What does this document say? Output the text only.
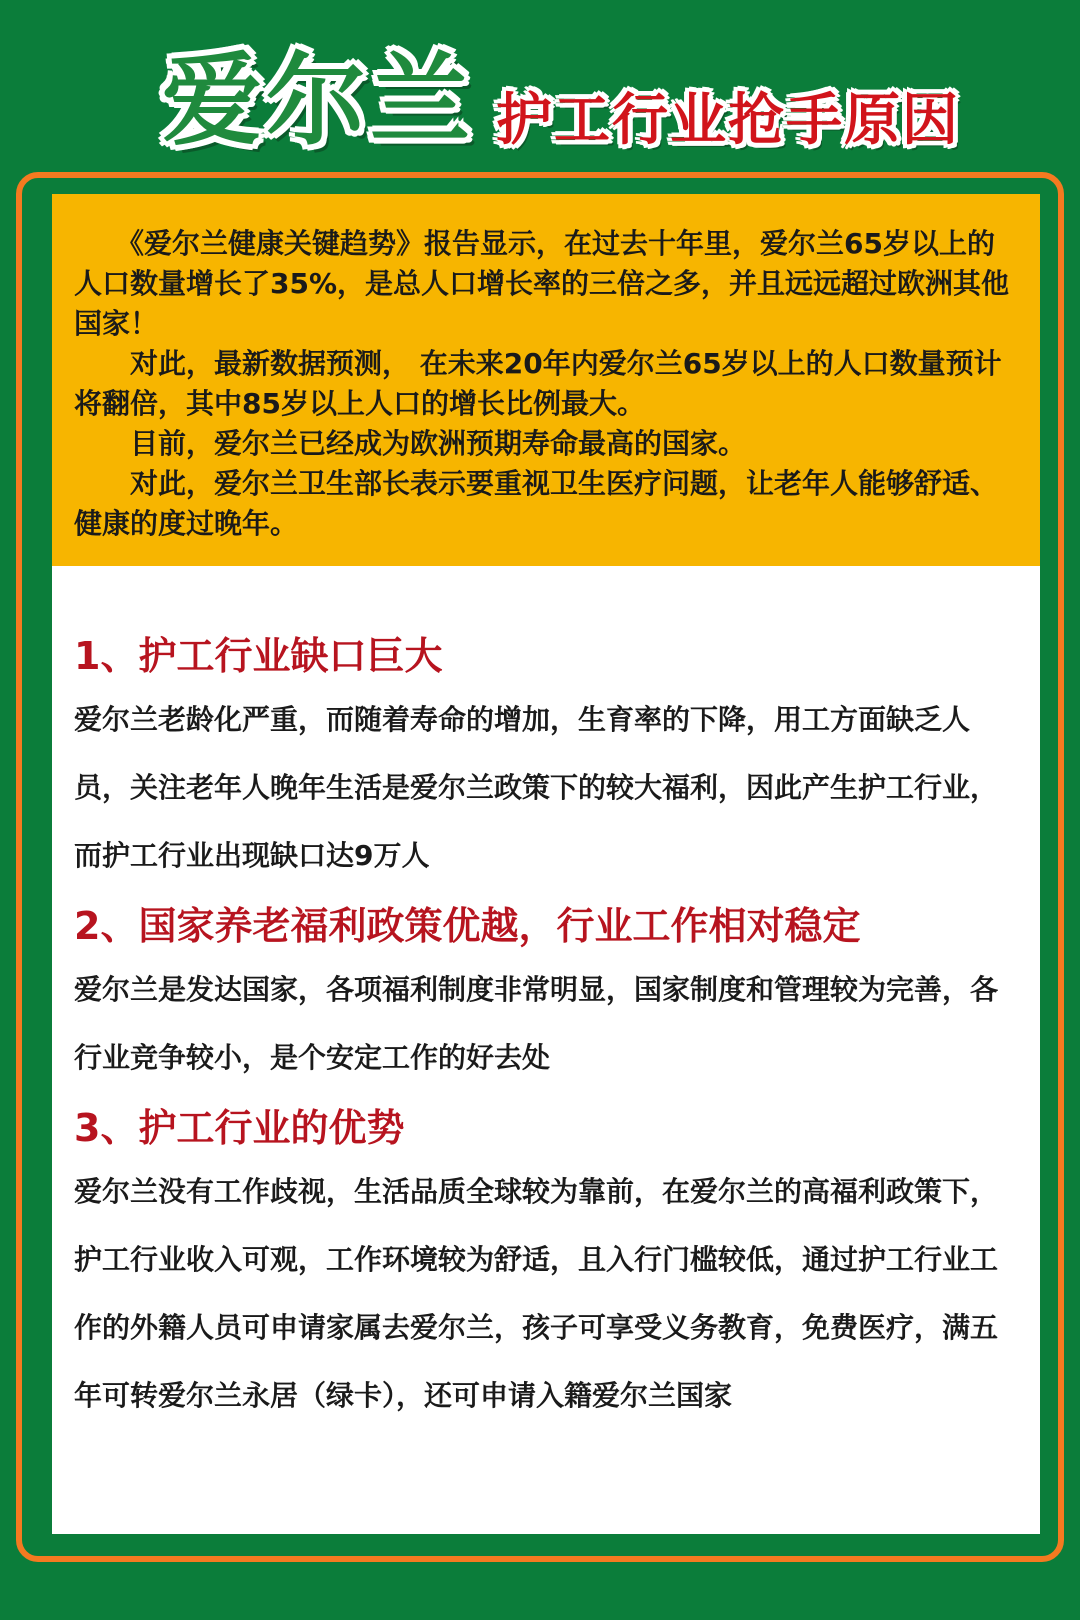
爱尔兰 护工行业抢手原因

　　《爱尔兰健康关键趋势》报告显示，在过去十年里，爱尔兰65岁以上的人口数量增长了35%，是总人口增长率的三倍之多，并且远远超过欧洲其他国家！

　　对此，最新数据预测， 在未来20年内爱尔兰65岁以上的人口数量预计将翻倍，其中85岁以上人口的增长比例最大。

　　目前，爱尔兰已经成为欧洲预期寿命最高的国家。

　　对此，爱尔兰卫生部长表示要重视卫生医疗问题，让老年人能够舒适、健康的度过晚年。

1、护工行业缺口巨大

爱尔兰老龄化严重，而随着寿命的增加，生育率的下降，用工方面缺乏人员，关注老年人晚年生活是爱尔兰政策下的较大福利，因此产生护工行业，而护工行业出现缺口达9万人

2、国家养老福利政策优越，行业工作相对稳定

爱尔兰是发达国家，各项福利制度非常明显，国家制度和管理较为完善，各行业竞争较小，是个安定工作的好去处

3、护工行业的优势

爱尔兰没有工作歧视，生活品质全球较为靠前，在爱尔兰的高福利政策下，护工行业收入可观，工作环境较为舒适，且入行门槛较低，通过护工行业工作的外籍人员可申请家属去爱尔兰，孩子可享受义务教育，免费医疗，满五年可转爱尔兰永居（绿卡），还可申请入籍爱尔兰国家
